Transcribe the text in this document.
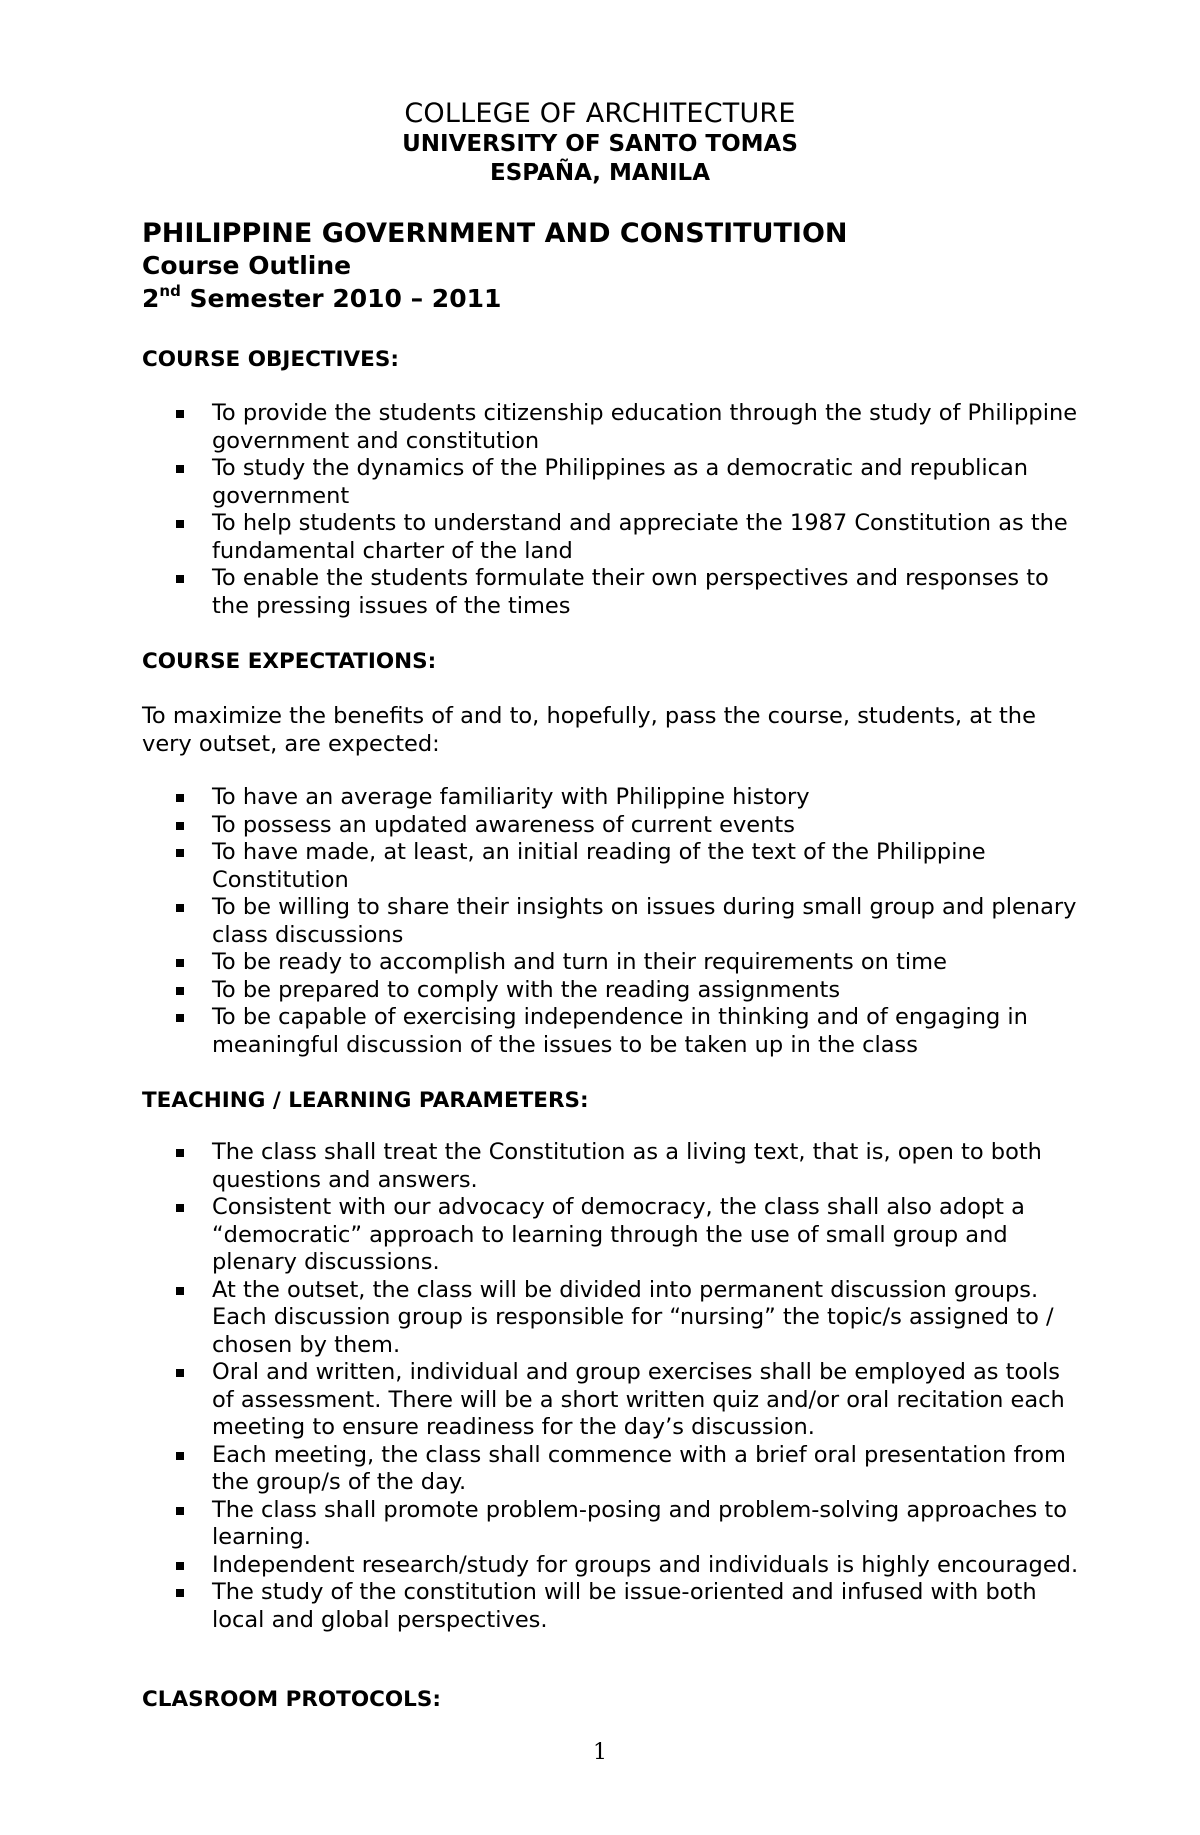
COLLEGE OF ARCHITECTURE
UNIVERSITY OF SANTO TOMAS
ESPAÑA, MANILA
PHILIPPINE GOVERNMENT AND CONSTITUTION
Course Outline
2nd Semester 2010 – 2011
COURSE OBJECTIVES:
To provide the students citizenship education through the study of Philippine government and constitution
To study the dynamics of the Philippines as a democratic and republican government
To help students to understand and appreciate the 1987 Constitution as the fundamental charter of the land
To enable the students formulate their own perspectives and responses to the pressing issues of the times
COURSE EXPECTATIONS:
To maximize the benefits of and to, hopefully, pass the course, students, at the very outset, are expected:
To have an average familiarity with Philippine history
To possess an updated awareness of current events
To have made, at least, an initial reading of the text of the Philippine Constitution
To be willing to share their insights on issues during small group and plenary class discussions
To be ready to accomplish and turn in their requirements on time
To be prepared to comply with the reading assignments
To be capable of exercising independence in thinking and of engaging in meaningful discussion of the issues to be taken up in the class
TEACHING / LEARNING PARAMETERS:
The class shall treat the Constitution as a living text, that is, open to both questions and answers.
Consistent with our advocacy of democracy, the class shall also adopt a “democratic” approach to learning through the use of small group and plenary discussions.
At the outset, the class will be divided into permanent discussion groups. Each discussion group is responsible for “nursing” the topic/s assigned to / chosen by them.
Oral and written, individual and group exercises shall be employed as tools of assessment. There will be a short written quiz and/or oral recitation each meeting to ensure readiness for the day’s discussion.
Each meeting, the class shall commence with a brief oral presentation from the group/s of the day.
The class shall promote problem-posing and problem-solving approaches to learning.
Independent research/study for groups and individuals is highly encouraged.
The study of the constitution will be issue-oriented and infused with both local and global perspectives.
CLASROOM PROTOCOLS:
1
